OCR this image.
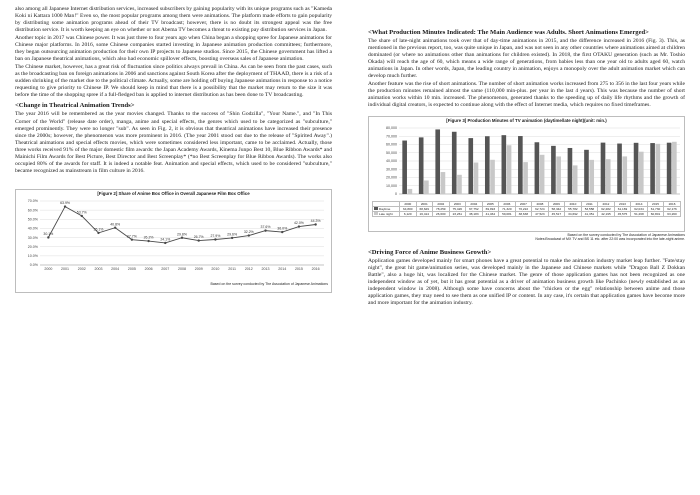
also among all Japanese Internet distribution services, increased subscribers by gaining popularity with its unique programs such as "Kameda Koki ni Kattara 1000 Man!" Even so, the most popular programs among them were animations. The platform made efforts to gain popularity by distributing some animation programs ahead of their TV broadcast; however, there is no doubt its strongest appeal was the free distribution service. It is worth keeping an eye on whether or not Abema TV becomes a threat to existing pay distribution services in Japan.

Another topic in 2017 was Chinese power. It was just three to four years ago when China began a shopping spree for Japanese animations for Chinese major platforms. In 2016, some Chinese companies started investing in Japanese animation production committees; furthermore, they began outsourcing animation production for their own IP projects to Japanese studios. Since 2015, the Chinese government has lifted a ban on Japanese theatrical animations, which also had economic spillover effects, boosting overseas sales of Japanese animation.

The Chinese market, however, has a great risk of fluctuation since politics always prevail in China. As can be seen from the past cases, such as the broadcasting ban on foreign animations in 2006 and sanctions against South Korea after the deployment of THAAD, there is a risk of a sudden shrinking of the market due to the political climate. Actually, some are holding off buying Japanese animations in response to a notice requesting to give priority to Chinese IP. We should keep in mind that there is a possibility that the market may return to the size it was before the time of the shopping spree if a full-fledged ban is applied to internet distribution as has been done to TV broadcasting.

<Change in Theatrical Animation Trends>

The year 2016 will be remembered as the year movies changed. Thanks to the success of "Shin Godzilla", "Your Name.", and "In This Corner of the World" (release date order), manga, anime and special effects, the genres which used to be categorized as "subculture," emerged prominently. They were no longer "sub". As seen in Fig. 2, it is obvious that theatrical animations have increased their presence since the 2000s; however, the phenomenon was more prominent in 2016. (The year 2001 stood out due to the release of "Spirited Away".) Theatrical animations and special effects movies, which were sometimes considered less important, came to be acclaimed. Actually, those three works received 91% of the major domestic film awards: the Japan Academy Awards, Kinema Junpo Best 10, Blue Ribbon Awards* and Mainichi Film Awards for Best Picture, Best Director and Best Screenplay* (*no Best Screenplay for Blue Ribbon Awards). The works also occupied 80% of the awards for staff. It is indeed a notable feat. Animation and special effects, which used to be considered "subculture," became recognized as mainstream in film culture in 2016.

[Figure 2] Share of Anime Box Office in Overall Japanese Film Box Office
0.0%
10.0%
20.0%
30.0%
40.0%
50.0%
60.0%
70.0%
30.1%
2000
63.9%
2001
53.7%
2002
35.1%
2003
40.8%
2004
27.7%
2005
26.2%
2006
24.1%
2007
29.8%
2008
26.7%
2009
27.9%
2010
29.6%
2011
32.2%
2012
37.6%
2013
36.0%
2014
42.0%
2015
44.3%
2016
Based on the survey conducted by The Association of Japanese Animations
<What Production Minutes Indicated: The Main Audience was Adults. Short Animations Emerged>

The share of late-night animations took over that of day-time animations in 2015, and the difference increased in 2016 (Fig. 3). This, as mentioned in the previous report, too, was quite unique in Japan, and was not seen in any other countries where animations aimed at children dominated (or where no animations other than animations for children existed). In 2018, the first OTAKU generation (such as Mr. Toshio Okada) will reach the age of 60, which means a wide range of generations, from babies less than one year old to adults aged 60, watch animations in Japan. In other words, Japan, the leading country in animation, enjoys a monopoly over the adult animation market which can develop much further.

Another feature was the rise of short animations. The number of short animation works increased from 275 to 356 in the last four years while the production minutes remained almost the same (110,000 min-plus. per year in the last 4 years). This was because the number of short animation works within 10 min. increased. The phenomenon, generated thanks to the speeding up of daily life rhythms and the growth of individual digital creators, is expected to continue along with the effect of Internet media, which requires no fixed timeframes.

[Figure 3] Production Minutes of TV animation (daytime/late night)(unit: min.)
0
10,000
20,000
30,000
40,000
50,000
60,000
70,000
80,000
	2000	2001	2002	2003	2004	2005	2006	2007	2008	2009	2010	2011	2012	2013	2014	2015	2016
Daytime	64,800	68,629	78,259	75,426	67,752	69,993	71,320	70,222	62,724	58,342	55,782	53,558	62,282	61,169	62,034	61,730	62,176
Late night	6,120	16,414	26,600	23,261	38,183	41,464	59,081	38,638	47,523	45,517	34,692	41,351	42,195	45,575	51,268	60,801	63,260
Based on the survey conducted by The Association of Japanese Animations
Notes:Broadcast of MX TV and BS 11 etc. after 22:00 was incorporated into the late-night anime.
<Driving Force of Anime Business Growth>

Application games developed mainly for smart phones have a great potential to make the animation industry market leap further. "Fate/stay night", the great hit game/animation series, was developed mainly in the Japanese and Chinese markets while "Dragon Ball Z Dokkan Battle", also a huge hit, was localized for the Chinese market. The genre of those application games has not been recognized as one independent window as of yet, but it has great potential as a driver of animation business growth like Pachinko (newly established as an independent window in 2008). Although some have concerns about the "chicken or the egg" relationship between anime and those application games, they may need to see them as one unified IP or content. In any case, it's certain that application games have become more and more important for the animation industry.
